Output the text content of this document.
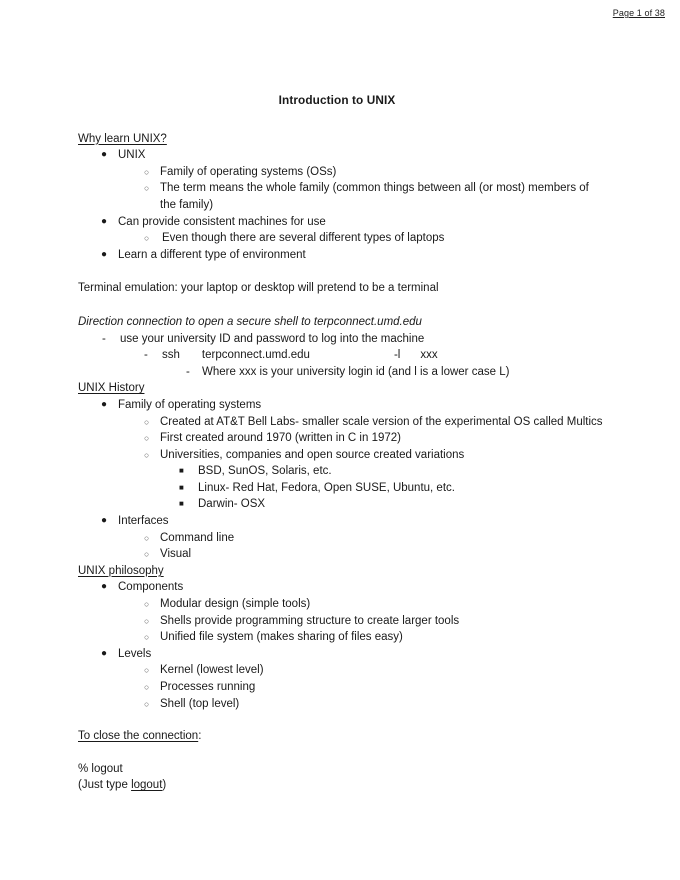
Page 1 of 38
Introduction to UNIX

Why learn UNIX?

● UNIX
○ Family of operating systems (OSs)
○ The term means the whole family (common things between all (or most) members of the family)
● Can provide consistent machines for use
○	Even though there are several different types of laptops
● Learn a different type of environment

Terminal emulation: your laptop or desktop will pretend to be a terminal

Direction connection to open a secure shell to terpconnect.umd.edu

-	use your university ID and password to log into the machine
-	ssh terpconnect.umd.edu	-l xxx
-	Where xxx is your university login id (and l is a lower case L)

UNIX History

● Family of operating systems
○ Created at AT&T Bell Labs- smaller scale version of the experimental OS called Multics
○ First created around 1970 (written in C in 1972)
○ Universities, companies and open source created variations
■	BSD, SunOS, Solaris, etc.
■	Linux- Red Hat, Fedora, Open SUSE, Ubuntu, etc.
■	Darwin- OSX
● Interfaces
○ Command line
○ Visual

UNIX philosophy

● Components
○ Modular design (simple tools)
○ Shells provide programming structure to create larger tools
○ Unified file system (makes sharing of files easy)
● Levels
○ Kernel (lowest level)
○ Processes running
○ Shell (top level)

To close the connection:

% logout

(Just type logout)
